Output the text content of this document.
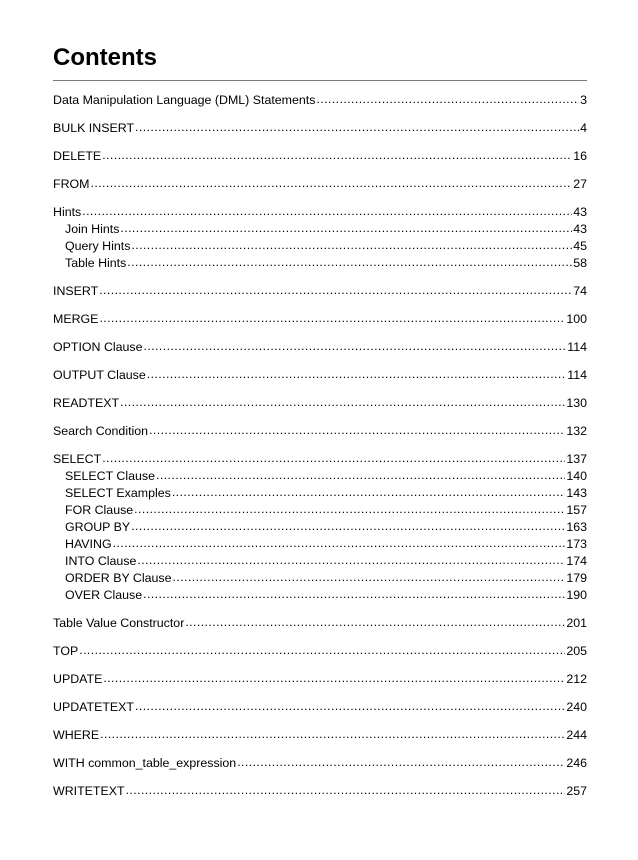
Contents
Data Manipulation Language (DML) Statements .....	3
BULK INSERT .....	4
DELETE .....	16
FROM .....	27
Hints .....	43
Join Hints .....	43
Query Hints .....	45
Table Hints .....	58
INSERT .....	74
MERGE .....	100
OPTION Clause .....	114
OUTPUT Clause .....	114
READTEXT .....	130
Search Condition .....	132
SELECT .....	137
SELECT Clause .....	140
SELECT Examples .....	143
FOR Clause .....	157
GROUP BY .....	163
HAVING .....	173
INTO Clause .....	174
ORDER BY Clause .....	179
OVER Clause .....	190
Table Value Constructor .....	201
TOP .....	205
UPDATE .....	212
UPDATETEXT .....	240
WHERE .....	244
WITH common_table_expression .....	246
WRITETEXT .....	257
